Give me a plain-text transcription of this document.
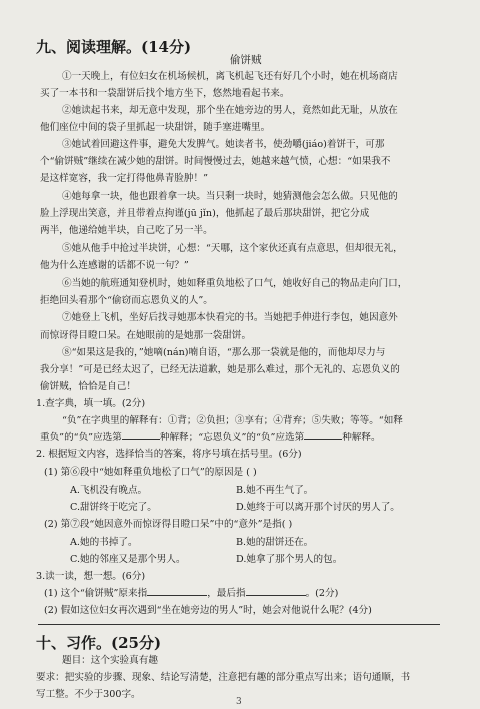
九、阅读理解。(14分)
偷饼贼
①一天晚上，有位妇女在机场候机，离飞机起飞还有好几个小时，她在机场商店
买了一本书和一袋甜饼后找个地方坐下，悠然地看起书来。
②她读起书来，却无意中发现，那个坐在她旁边的男人，竟然如此无耻，从放在
他们座位中间的袋子里抓起一块甜饼，随手塞进嘴里。
③她试着回避这件事，避免大发脾气。她读者书，使劲嚼(jiáo)着饼干，可那
个“偷饼贼”继续在减少她的甜饼。时间慢慢过去，她越来越气愤，心想：“如果我不
是这样宽容，我一定打得他鼻青脸肿！”
④她每拿一块，他也跟着拿一块。当只剩一块时，她猜测他会怎么做。只见他的
脸上浮现出笑意，并且带着点拘谨(jū jǐn)，他抓起了最后那块甜饼，把它分成
两半，他递给她半块，自己吃了另一半。
⑤她从他手中抢过半块饼，心想：“天哪，这个家伙还真有点意思，但却很无礼，
他为什么连感谢的话都不说一句？”
⑥当她的航班通知登机时，她如释重负地松了口气，她收好自己的物品走向门口，
拒绝回头看那个“偷窃而忘恩负义的人”。
⑦她登上飞机，坐好后找寻她那本快看完的书。当她把手伸进行李包，她因意外
而惊讶得目瞪口呆。在她眼前的是她那一袋甜饼。
⑧“如果这是我的，”她嘀(nán)喃自语，“那么那一袋就是他的，而他却尽力与
我分享！”可是已经太迟了，已经无法道歉，她是那么难过，那个无礼的、忘恩负义的
偷饼贼，恰恰是自己！
1.查字典，填一填。(2分)
“负”在字典里的解释有：①背；②负担；③享有；④背弃；⑤失败；等等。“如释
重负”的“负”应选第	种解释；“忘恩负义”的“负”应选第	种解释。
2. 根据短文内容，选择恰当的答案，将序号填在括号里。(6分)
(1) 第⑥段中“她如释重负地松了口气”的原因是 ( )
A.飞机没有晚点。	B.她不再生气了。
C.甜饼终于吃完了。	D.她终于可以离开那个讨厌的男人了。
(2) 第⑦段“她因意外而惊讶得目瞪口呆”中的“意外”是指( )
A.她的书掉了。	B.她的甜饼还在。
C.她的邻座又是那个男人。	D.她拿了那个男人的包。
3.读一读，想一想。(6分)
(1) 这个“偷饼贼”原来指	，最后指	。(2分)
(2) 假如这位妇女再次遇到“坐在她旁边的男人”时，她会对他说什么呢？(4分)
十、习作。(25分)
题目：这个实验真有趣
要求：把实验的步骤、现象、结论写清楚，注意把有趣的部分重点写出来；语句通顺，书
写工整。不少于300字。
3
